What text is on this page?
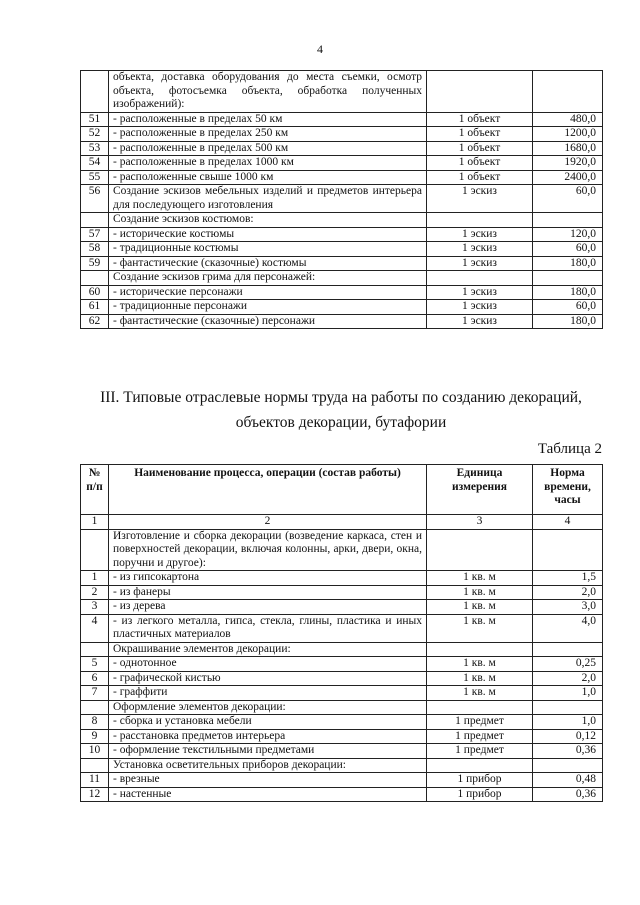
4
	объекта, доставка оборудования до места съемки, осмотр объекта, фотосъемка объекта, обработка полученных изображений):		
51	- расположенные в пределах 50 км	1 объект	480,0
52	- расположенные в пределах 250 км	1 объект	1200,0
53	- расположенные в пределах 500 км	1 объект	1680,0
54	- расположенные в пределах 1000 км	1 объект	1920,0
55	- расположенные свыше 1000 км	1 объект	2400,0
56	Создание эскизов мебельных изделий и предметов интерьера для последующего изготовления	1 эскиз	60,0
	Создание эскизов костюмов:		
57	- исторические костюмы	1 эскиз	120,0
58	- традиционные костюмы	1 эскиз	60,0
59	- фантастические (сказочные) костюмы	1 эскиз	180,0
	Создание эскизов грима для персонажей:		
60	- исторические персонажи	1 эскиз	180,0
61	- традиционные персонажи	1 эскиз	60,0
62	- фантастические (сказочные) персонажи	1 эскиз	180,0
III. Типовые отраслевые нормы труда на работы по созданию декораций,
объектов декорации, бутафории
Таблица 2
№ п/п	Наименование процесса, операции (состав работы)	Единица измерения	Норма времени, часы
1	2	3	4
	Изготовление и сборка декорации (возведение каркаса, стен и поверхностей декорации, включая колонны, арки, двери, окна, поручни и другое):		
1	- из гипсокартона	1 кв. м	1,5
2	- из фанеры	1 кв. м	2,0
3	- из дерева	1 кв. м	3,0
4	- из легкого металла, гипса, стекла, глины, пластика и иных пластичных материалов	1 кв. м	4,0
	Окрашивание элементов декорации:		
5	- однотонное	1 кв. м	0,25
6	- графической кистью	1 кв. м	2,0
7	- граффити	1 кв. м	1,0
	Оформление элементов декорации:		
8	- сборка и установка мебели	1 предмет	1,0
9	- расстановка предметов интерьера	1 предмет	0,12
10	- оформление текстильными предметами	1 предмет	0,36
	Установка осветительных приборов декорации:		
11	- врезные	1 прибор	0,48
12	- настенные	1 прибор	0,36
